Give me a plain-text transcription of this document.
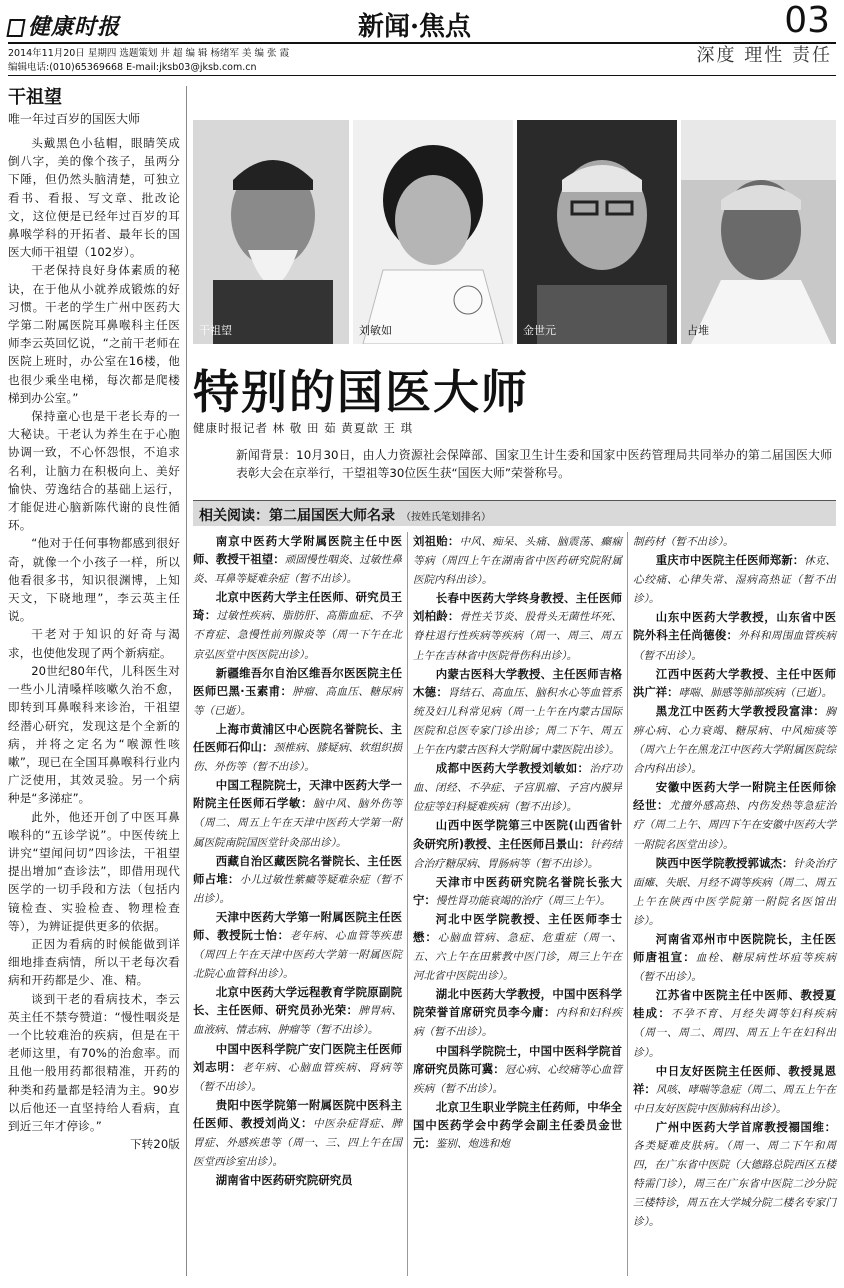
健康时报	新闻·焦点	03
2014年11月20日 星期四 选题策划 井 超 编 辑 杨绪军 美 编 张 霞
编辑电话:(010)65369668 E-mail:jksb03@jksb.com.cn
深度 理性 责任
干祖望
唯一年过百岁的国医大师

头戴黑色小毡帽，眼睛笑成倒八字，美的像个孩子，虽两分下陲，但仍然头脑清楚，可独立看书、看报、写文章、批改论文，这位便是已经年过百岁的耳鼻喉学科的开拓者、最年长的国医大师干祖望（102岁）。

干老保持良好身体素质的秘诀，在于他从小就养成锻炼的好习惯。干老的学生广州中医药大学第二附属医院耳鼻喉科主任医师李云英回忆说，“之前干老师在医院上班时，办公室在16楼，他也很少乘坐电梯，每次都是爬楼梯到办公室。”

保持童心也是干老长寿的一大秘诀。干老认为养生在于心胞协调一致，不心怀怨恨，不追求名利，让脑力在积极向上、美好愉快、劳逸结合的基础上运行，才能促进心脑新陈代谢的良性循环。

“他对于任何事物都感到很好奇，就像一个小孩子一样，所以他看很多书，知识很渊博，上知天文，下晓地理”，李云英主任说。

干老对于知识的好奇与渴求，也使他发现了两个新病症。

20世纪80年代，儿科医生对一些小儿清嗓样咳嗽久治不愈，即转到耳鼻喉科来诊治，干祖望经潜心研究，发现这是个全新的病，并将之定名为“喉源性咳嗽”，现已在全国耳鼻喉科行业内广泛使用，其效灵验。另一个病种是“多涕症”。

此外，他还开创了中医耳鼻喉科的“五诊学说”。中医传统上讲究“望闻问切”四诊法，干祖望提出增加“查诊法”，即借用现代医学的一切手段和方法（包括内镜检查、实验检查、物理检查等），为辨证提供更多的依据。

正因为看病的时候能做到详细地排查病情，所以干老每次看病和开药都是少、准、精。

谈到干老的看病技术，李云英主任不禁夸赞道：“慢性咽炎是一个比较难治的疾病，但是在干老师这里，有70%的治愈率。而且他一般用药都很精准，开药的种类和药量都是轻清为主。90岁以后他还一直坚持给人看病，直到近三年才停诊。”

下转20版
干祖望	刘敏如	金世元	占堆
特别的国医大师
健康时报记者 林 敬 田 茹 黄夏歆 王 琪
新闻背景：10月30日，由人力资源社会保障部、国家卫生计生委和国家中医药管理局共同举办的第二届国医大师表彰大会在京举行，干望祖等30位医生获“国医大师”荣誉称号。
相关阅读：第二届国医大师名录 （按姓氏笔划排名）

南京中医药大学附属医院主任中医师、教授干祖望：顽固慢性咽炎、过敏性鼻炎、耳鼻等疑难杂症（暂不出诊）。

北京中医药大学主任医师、研究员王琦：过敏性疾病、脂肪肝、高脂血症、不孕不育症、急慢性前列腺炎等（周一下午在北京弘医堂中医医院出诊）。

新疆维吾尔自治区维吾尔医医院主任医师巴黑·玉素甫：肿瘤、高血压、糖尿病等（已逝）。

上海市黄浦区中心医院名誉院长、主任医师石仰山：颈椎病、膝疑病、软组织损伤、外伤等（暂不出诊）。

中国工程院院士，天津中医药大学一附院主任医师石学敏：脑中风、脑外伤等（周二、周五上午在天津中医药大学第一附属医院南院国医堂针灸部出诊）。

西藏自治区藏医院名誉院长、主任医师占堆：小儿过敏性紫癜等疑难杂症（暂不出诊）。

天津中医药大学第一附属医院主任医师、教授阮士怡：老年病、心血管等疾患（周四上午在天津中医药大学第一附属医院北院心血管科出诊）。

北京中医药大学远程教育学院原副院长、主任医师、研究员孙光荣：脾胃病、血液病、情志病、肿瘤等（暂不出诊）。

中国中医科学院广安门医院主任医师刘志明：老年病、心脑血管疾病、肾病等（暂不出诊）。

贵阳中医学院第一附属医院中医科主任医师、教授刘尚义：中医杂症肾症、脾胃症、外感疾患等（周一、三、四上午在国医堂西诊室出诊）。

湖南省中医药研究院研究员

刘祖贻：中风、痴呆、头痛、脑震荡、癫痫等病（周四上午在湖南省中医药研究院附属医院内科出诊）。

长春中医药大学终身教授、主任医师刘柏龄：骨性关节炎、股骨头无菌性坏死、脊柱退行性疾病等疾病（周一、周三、周五上午在吉林省中医院骨伤科出诊）。

内蒙古医科大学教授、主任医师吉格木德：肾结石、高血压、脑积水心等血管系统及妇儿科常见病（周一上午在内蒙古国际医院和总医专家门诊出诊；周二下午、周五上午在内蒙古医科大学附属中蒙医院出诊）。

成都中医药大学教授刘敏如：治疗功血、闭经、不孕症、子宫肌瘤、子宫内膜异位症等妇科疑难疾病（暂不出诊）。

山西中医学院第三中医院(山西省针灸研究所)教授、主任医师吕景山：针药结合治疗糖尿病、胃肠病等（暂不出诊）。

天津市中医药研究院名誉院长张大宁：慢性肾功能衰竭的治疗（周三上午）。

河北中医学院教授、主任医师李士懋：心脑血管病、急症、危重症（周一、五、六上午在田紫教中医门诊，周三上午在河北省中医院出诊）。

湖北中医药大学教授，中国中医科学院荣誉首席研究员李今庸：内科和妇科疾病（暂不出诊）。

中国科学院院士，中国中医科学院首席研究员陈可冀：冠心病、心绞痛等心血管疾病（暂不出诊）。

北京卫生职业学院主任药师，中华全国中医药学会中药学会副主任委员金世元：鉴别、炮选和炮

制药材（暂不出诊）。

重庆市中医院主任医师郑新：休克、心绞痛、心律失常、湿病高热证（暂不出诊）。

山东中医药大学教授，山东省中医院外科主任尚德俊：外科和周围血管疾病（暂不出诊）。

江西中医药大学教授、主任中医师洪广祥：哮喘、肺感等肺部疾病（已逝）。

黑龙江中医药大学教授段富津：胸痹心病、心力衰竭、糖尿病、中风痴痰等（周六上午在黑龙江中医药大学附属医院综合内科出诊）。

安徽中医药大学一附院主任医师徐经世：尤擅外感高热、内伤发热等急症治疗（周二上午、周四下午在安徽中医药大学一附院名医堂出诊）。

陕西中医学院教授郭诚杰：针灸治疗面瘫、失眠、月经不调等疾病（周二、周五上午在陕西中医学院第一附院名医馆出诊）。

河南省邓州市中医院院长，主任医师唐祖宣：血栓、糖尿病性坏疽等疾病（暂不出诊）。

江苏省中医院主任中医师、教授夏桂成：不孕不育、月经失调等妇科疾病（周一、周二、周四、周五上午在妇科出诊）。

中日友好医院主任医师、教授晁恩祥：风咳、哮喘等急症（周二、周五上午在中日友好医院中医肺病科出诊）。

广州中医药大学首席教授禤国维：各类疑难皮肤病。（周一、周二下午和周四，在广东省中医院（大德路总院西区五楼特需门诊），周三在广东省中医院二沙分院三楼特诊，周五在大学城分院二楼名专家门诊）。
